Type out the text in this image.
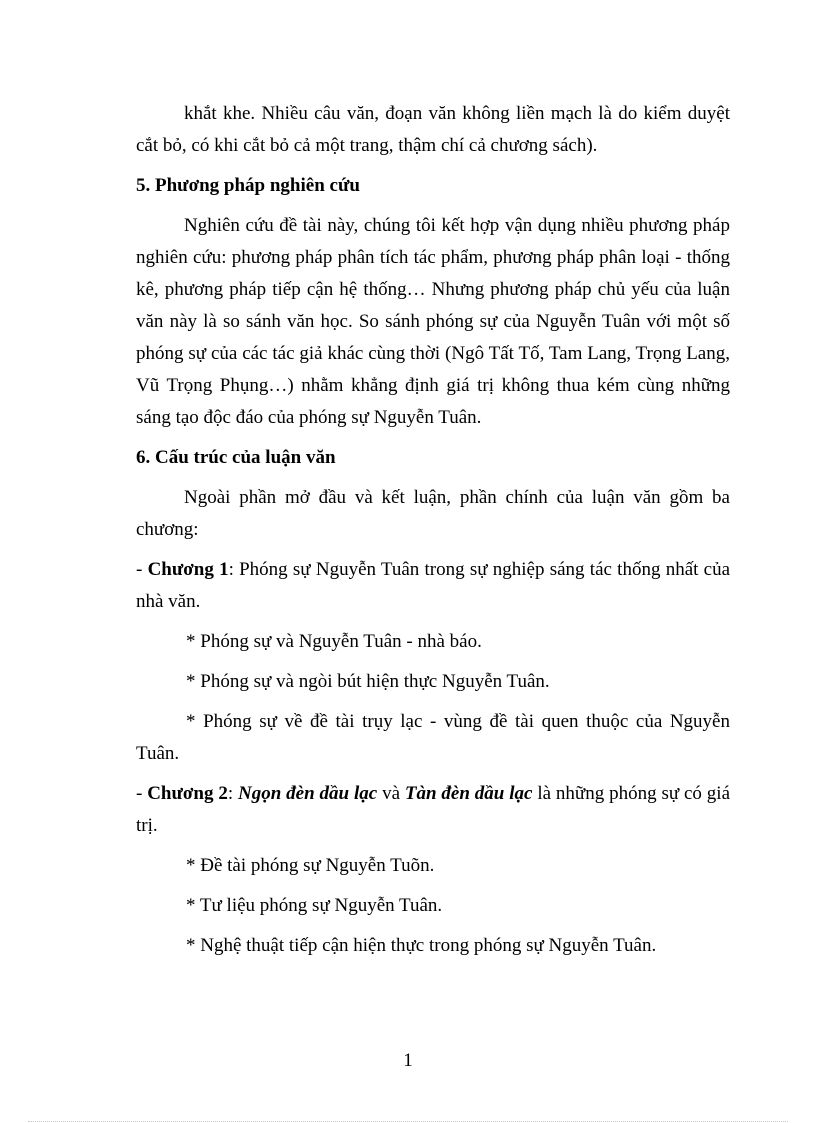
khắt khe. Nhiều câu văn, đoạn văn không liền mạch là do kiểm duyệt cắt bỏ, có khi cắt bỏ cả một trang, thậm chí cả chương sách).

5. Phương pháp nghiên cứu

Nghiên cứu đề tài này, chúng tôi kết hợp vận dụng nhiều phương pháp nghiên cứu: phương pháp phân tích tác phẩm, phương pháp phân loại - thống kê, phương pháp tiếp cận hệ thống… Nhưng phương pháp chủ yếu của luận văn này là so sánh văn học. So sánh phóng sự của Nguyễn Tuân với một số phóng sự của các tác giả khác cùng thời (Ngô Tất Tố, Tam Lang, Trọng Lang, Vũ Trọng Phụng…) nhằm khẳng định giá trị không thua kém cùng những sáng tạo độc đáo của phóng sự Nguyễn Tuân.

6. Cấu trúc của luận văn

Ngoài phần mở đầu và kết luận, phần chính của luận văn gồm ba chương:

- Chương 1: Phóng sự Nguyễn Tuân trong sự nghiệp sáng tác thống nhất của nhà văn.

* Phóng sự và Nguyễn Tuân - nhà báo.

* Phóng sự và ngòi bút hiện thực Nguyễn Tuân.

* Phóng sự về đề tài trụy lạc - vùng đề tài quen thuộc của Nguyễn Tuân.

- Chương 2: Ngọn đèn dầu lạc và Tàn đèn dầu lạc là những phóng sự có giá trị.

* Đề tài phóng sự Nguyễn Tuõn.

* Tư liệu phóng sự Nguyễn Tuân.

* Nghệ thuật tiếp cận hiện thực trong phóng sự Nguyễn Tuân.

1
